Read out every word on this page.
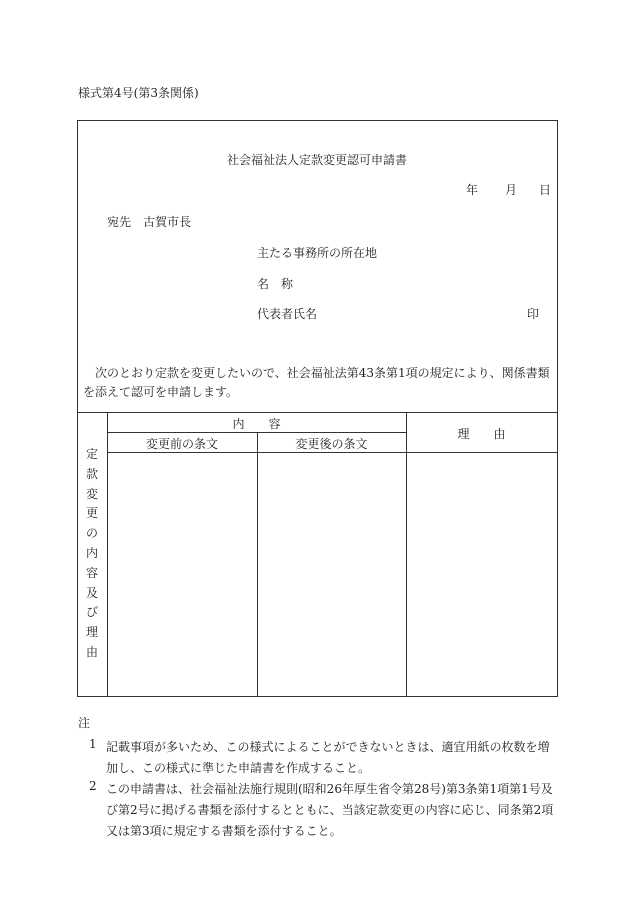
様式第4号(第3条関係)
社会福祉法人定款変更認可申請書
年 月 日
宛先　古賀市長
主たる事務所の所在地
名　称
代表者氏名	印
次のとおり定款を変更したいので、社会福祉法第43条第1項の規定により、関係書類を添えて認可を申請します。
内　　容
変更前の条文	変更後の条文
理　　由
定
款
変
更
の
内
容
及
び
理
由
注
1 記載事項が多いため、この様式によることができないときは、適宜用紙の枚数を増加し、この様式に準じた申請書を作成すること。
2 この申請書は、社会福祉法施行規則(昭和26年厚生省令第28号)第3条第1項第1号及び第2号に掲げる書類を添付するとともに、当該定款変更の内容に応じ、同条第2項又は第3項に規定する書類を添付すること。
